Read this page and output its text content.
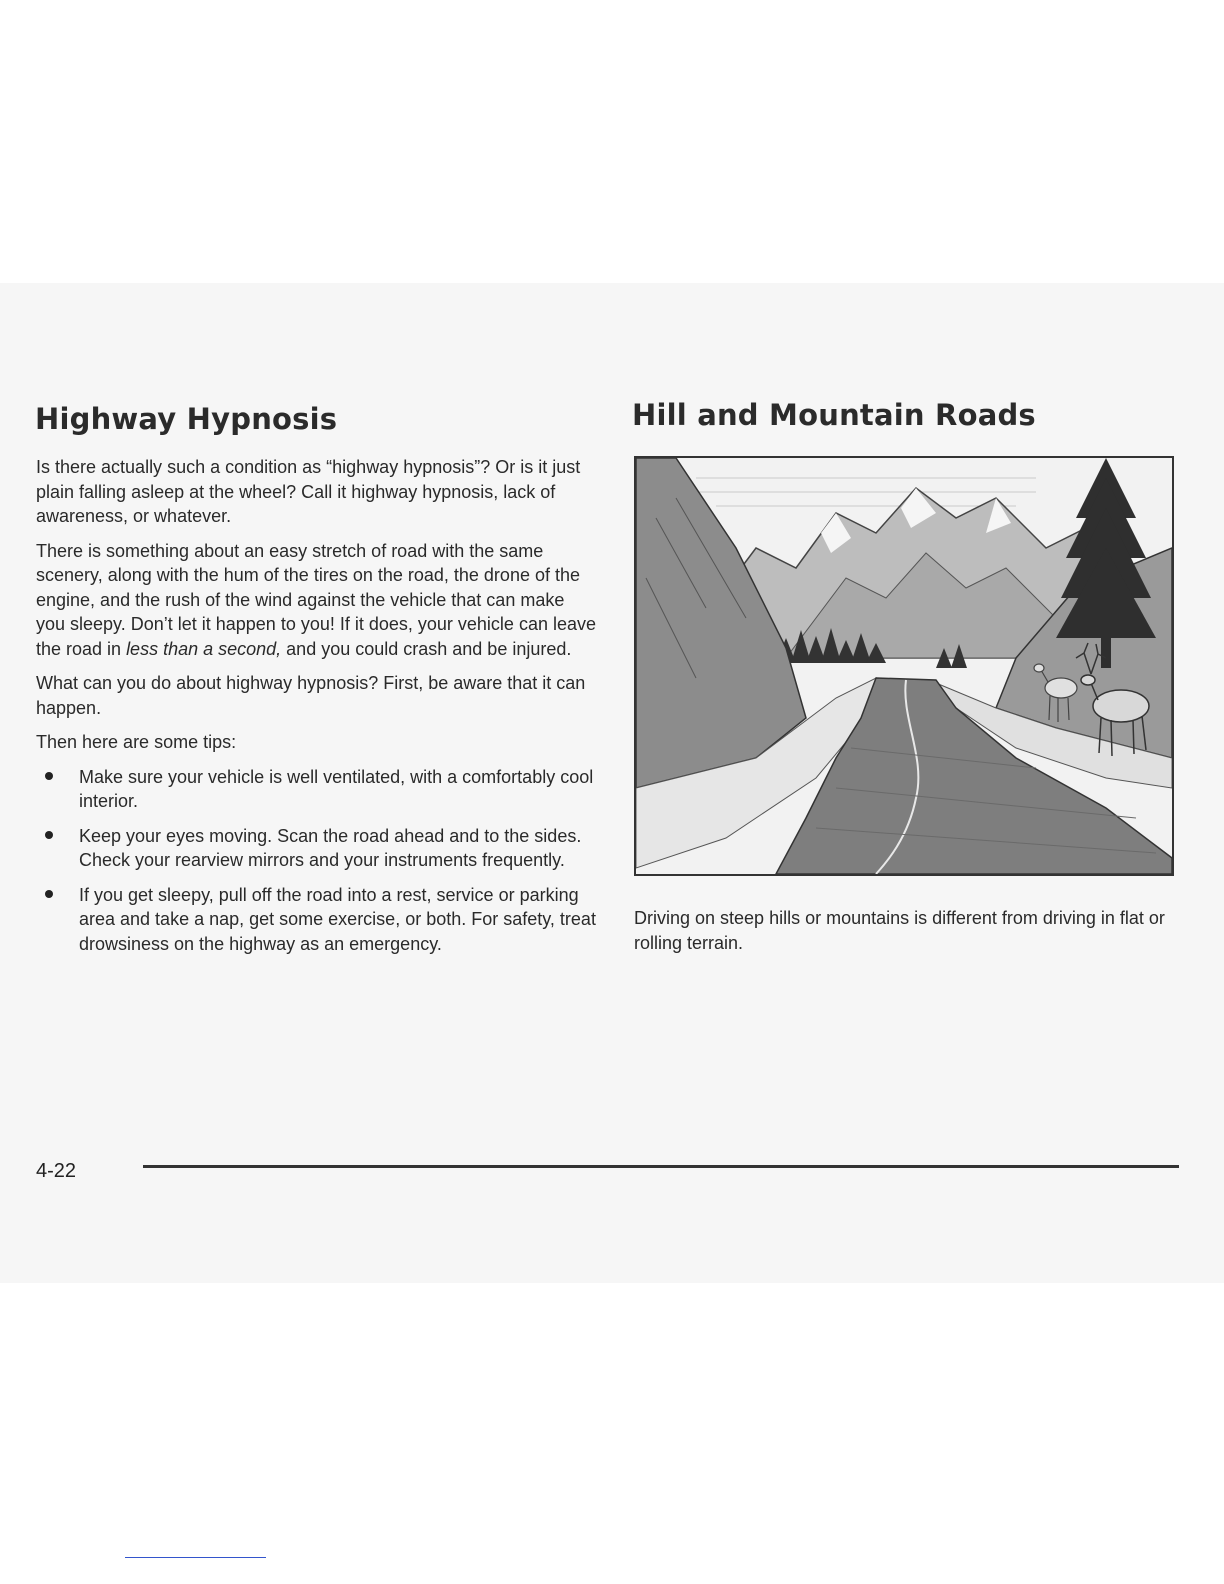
Highway Hypnosis

Is there actually such a condition as “highway hypnosis”? Or is it just plain falling asleep at the wheel? Call it highway hypnosis, lack of awareness, or whatever.

There is something about an easy stretch of road with the same scenery, along with the hum of the tires on the road, the drone of the engine, and the rush of the wind against the vehicle that can make you sleepy. Don’t let it happen to you! If it does, your vehicle can leave the road in less than a second, and you could crash and be injured.

What can you do about highway hypnosis? First, be aware that it can happen.

Then here are some tips:

Make sure your vehicle is well ventilated, with a comfortably cool interior.
Keep your eyes moving. Scan the road ahead and to the sides. Check your rearview mirrors and your instruments frequently.
If you get sleepy, pull off the road into a rest, service or parking area and take a nap, get some exercise, or both. For safety, treat drowsiness on the highway as an emergency.
Hill and Mountain Roads
Driving on steep hills or mountains is different from driving in flat or rolling terrain.
4-22
